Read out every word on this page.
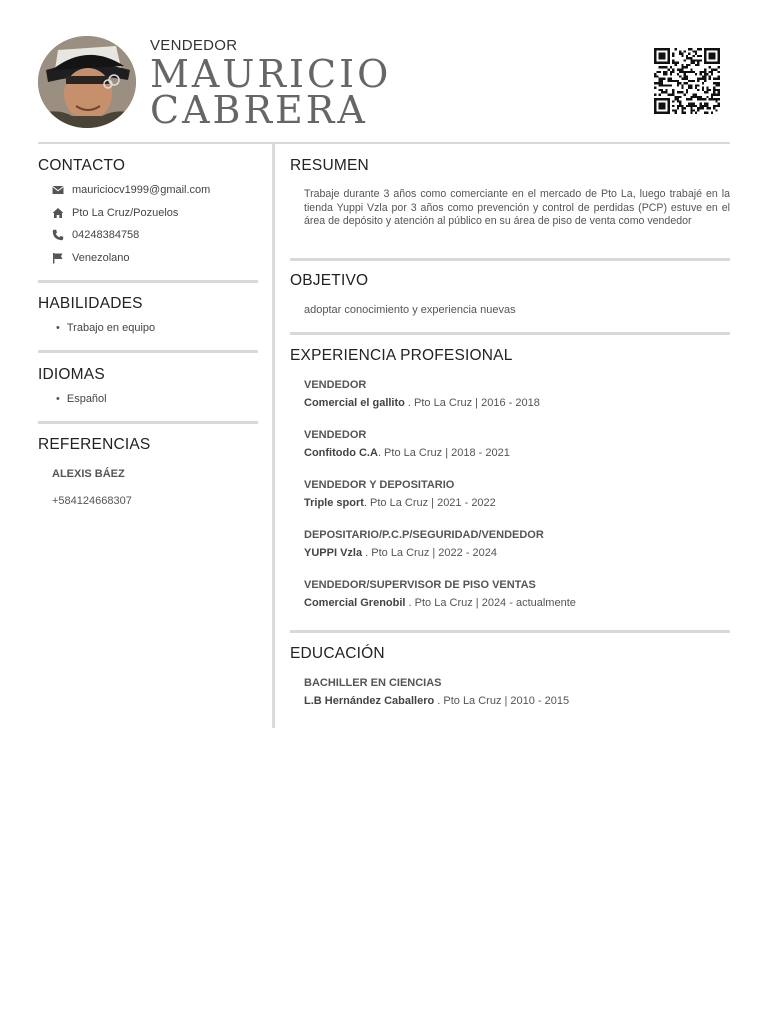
VENDEDOR
MAURICIO
CABRERA
CONTACTO
mauriciocv1999@gmail.com
Pto La Cruz/Pozuelos
04248384758
Venezolano
HABILIDADES
• Trabajo en equipo
IDIOMAS
• Español
REFERENCIAS
ALEXIS BÁEZ
+584124668307
RESUMEN

Trabaje durante 3 años como comerciante en el mercado de Pto La, luego trabajé en la tienda Yuppi Vzla por 3 años como prevención y control de perdidas (PCP) estuve en el área de depósito y atención al público en su área de piso de venta como vendedor

OBJETIVO
adoptar conocimiento y experiencia nuevas
EXPERIENCIA PROFESIONAL
VENDEDOR
Comercial el gallito . Pto La Cruz | 2016 - 2018
VENDEDOR
Confitodo C.A. Pto La Cruz | 2018 - 2021
VENDEDOR Y DEPOSITARIO
Triple sport. Pto La Cruz | 2021 - 2022
DEPOSITARIO/P.C.P/SEGURIDAD/VENDEDOR
YUPPI Vzla . Pto La Cruz | 2022 - 2024
VENDEDOR/SUPERVISOR DE PISO VENTAS
Comercial Grenobil . Pto La Cruz | 2024 - actualmente
EDUCACIÓN
BACHILLER EN CIENCIAS
L.B Hernández Caballero . Pto La Cruz | 2010 - 2015
